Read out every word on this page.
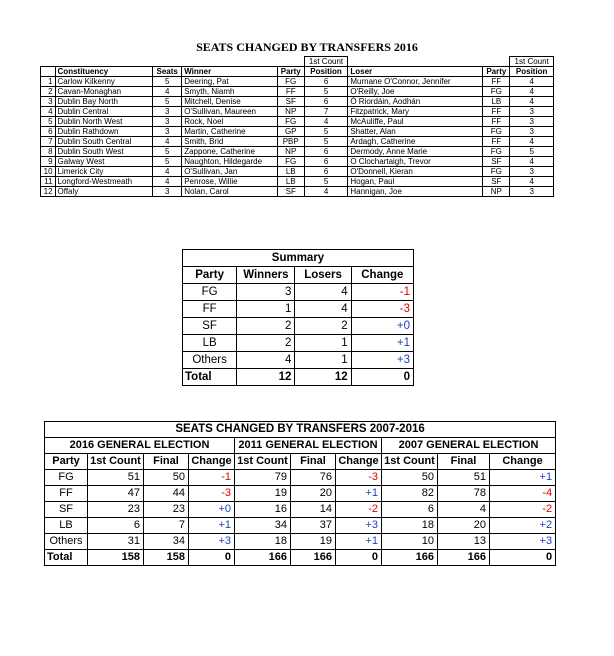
SEATS CHANGED BY TRANSFERS 2016
					1st Count			1st Count
	Constituency	Seats	Winner	Party	Position	Loser	Party	Position
1	Carlow Kilkenny	5	Deering, Pat	FG	6	Murnane O'Connor, Jennifer	FF	4
2	Cavan-Monaghan	4	Smyth, Niamh	FF	5	O'Reilly, Joe	FG	4
3	Dublin Bay North	5	Mitchell, Denise	SF	6	Ó Riordáin, Aodhán	LB	4
4	Dublin Central	3	O'Sullivan, Maureen	NP	7	Fitzpatrick, Mary	FF	3
5	Dublin North West	3	Rock, Noel	FG	4	McAuliffe, Paul	FF	3
6	Dublin Rathdown	3	Martin, Catherine	GP	5	Shatter, Alan	FG	3
7	Dublin South Central	4	Smith, Brid	PBP	5	Ardagh, Catherine	FF	4
8	Dublin South West	5	Zappone, Catherine	NP	6	Dermody, Anne Marie	FG	5
9	Galway West	5	Naughton, Hildegarde	FG	6	O Clochartaigh, Trevor	SF	4
10	Limerick City	4	O'Sullivan, Jan	LB	6	O'Donnell, Kieran	FG	3
11	Longford-Westmeath	4	Penrose, Willie	LB	5	Hogan, Paul	SF	4
12	Offaly	3	Nolan, Carol	SF	4	Hannigan, Joe	NP	3
Summary			
Party	Winners	Losers	Change
FG	3	4	-1
FF	1	4	-3
SF	2	2	+0
LB	2	1	+1
Others	4	1	+3
Total	12	12	0
SEATS CHANGED BY TRANSFERS 2007-2016									
2016 GENERAL ELECTION				2011 GENERAL ELECTION			2007 GENERAL ELECTION		
Party	1st Count	Final	Change	1st Count	Final	Change	1st Count	Final	Change
FG	51	50	-1	79	76	-3	50	51	+1
FF	47	44	-3	19	20	+1	82	78	-4
SF	23	23	+0	16	14	-2	6	4	-2
LB	6	7	+1	34	37	+3	18	20	+2
Others	31	34	+3	18	19	+1	10	13	+3
Total	158	158	0	166	166	0	166	166	0
